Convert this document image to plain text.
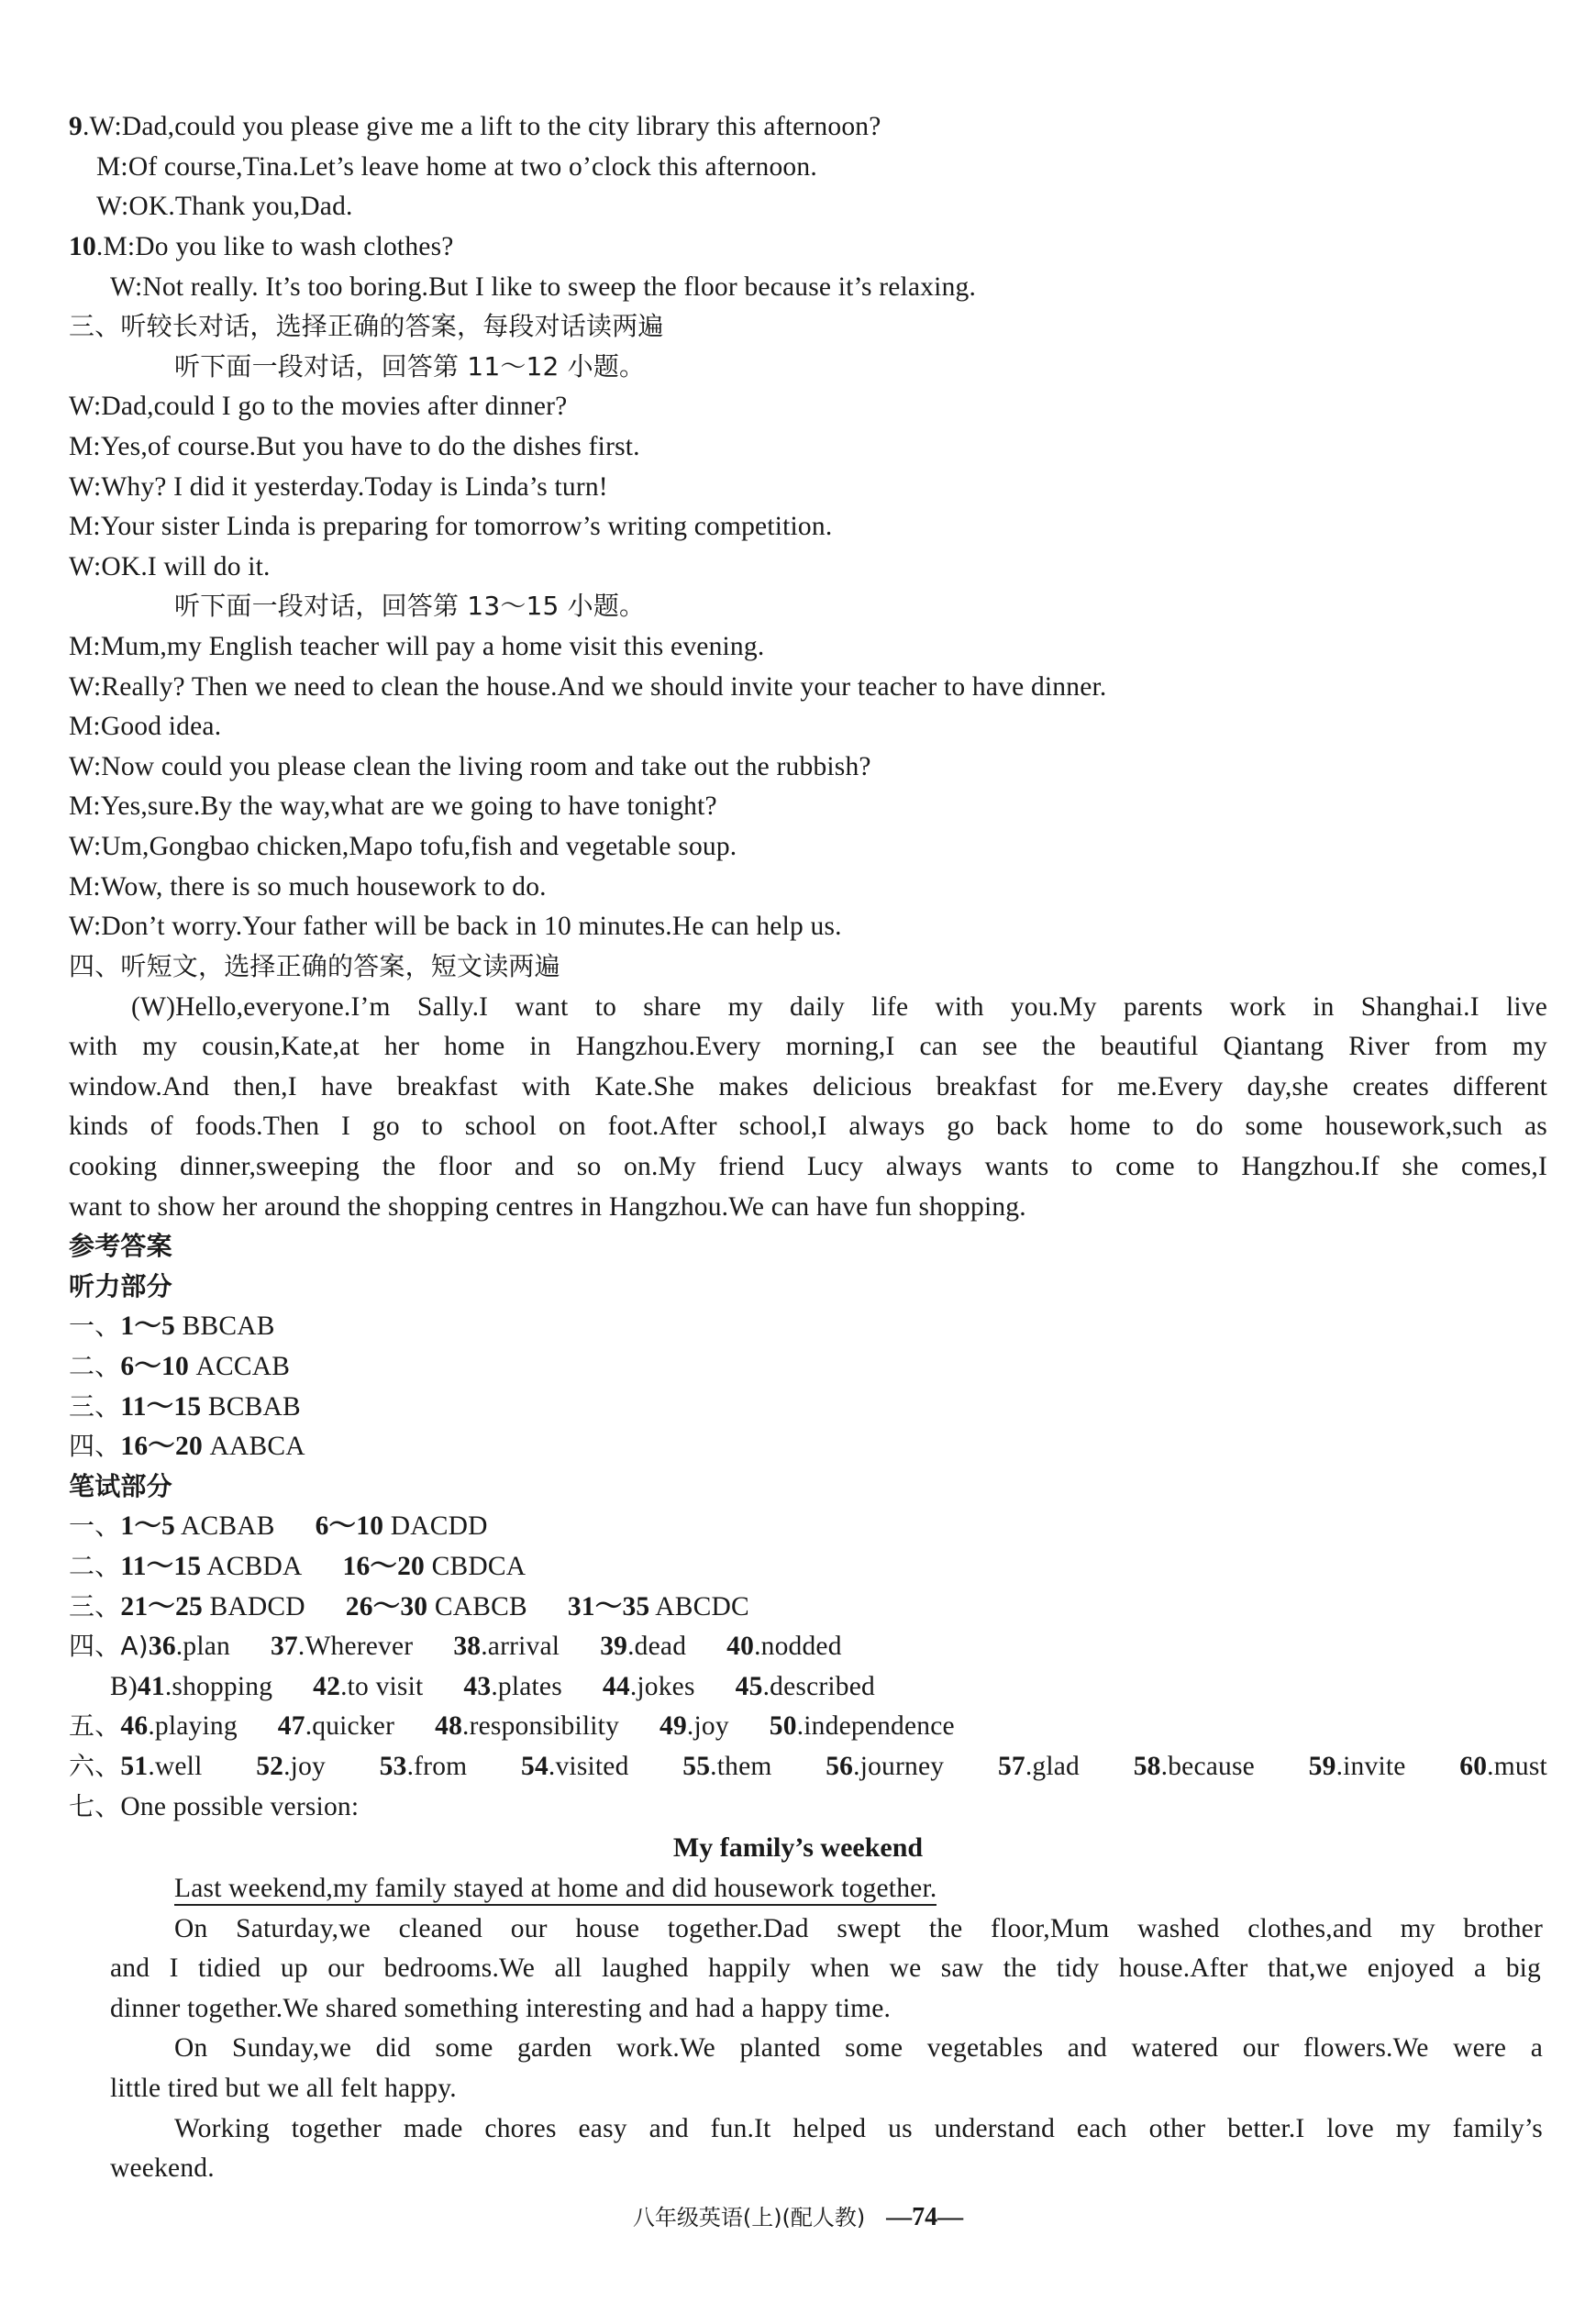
9.W:Dad,could you please give me a lift to the city library this afternoon?
M:Of course,Tina.Let’s leave home at two o’clock this afternoon.
W:OK.Thank you,Dad.
10.M:Do you like to wash clothes?
W:Not really. It’s too boring.But I like to sweep the floor because it’s relaxing.
三、听较长对话，选择正确的答案，每段对话读两遍
听下面一段对话，回答第 11～12 小题。
W:Dad,could I go to the movies after dinner?
M:Yes,of course.But you have to do the dishes first.
W:Why? I did it yesterday.Today is Linda’s turn!
M:Your sister Linda is preparing for tomorrow’s writing competition.
W:OK.I will do it.
听下面一段对话，回答第 13～15 小题。
M:Mum,my English teacher will pay a home visit this evening.
W:Really? Then we need to clean the house.And we should invite your teacher to have dinner.
M:Good idea.
W:Now could you please clean the living room and take out the rubbish?
M:Yes,sure.By the way,what are we going to have tonight?
W:Um,Gongbao chicken,Mapo tofu,fish and vegetable soup.
M:Wow, there is so much housework to do.
W:Don’t worry.Your father will be back in 10 minutes.He can help us.
四、听短文，选择正确的答案，短文读两遍
(W)Hello,everyone.I’m Sally.I want to share my daily life with you.My parents work in Shanghai.I live
with my cousin,Kate,at her home in Hangzhou.Every morning,I can see the beautiful Qiantang River from my
window.And then,I have breakfast with Kate.She makes delicious breakfast for me.Every day,she creates different
kinds of foods.Then I go to school on foot.After school,I always go back home to do some housework,such as
cooking dinner,sweeping the floor and so on.My friend Lucy always wants to come to Hangzhou.If she comes,I
want to show her around the shopping centres in Hangzhou.We can have fun shopping.
参考答案
听力部分
一、1～5 BBCAB
二、6～10 ACCAB
三、11～15 BCBAB
四、16～20 AABCA
笔试部分
一、1～5 ACBAB 6～10 DACDD
二、11～15 ACBDA 16～20 CBDCA
三、21～25 BADCD 26～30 CABCB 31～35 ABCDC
四、A)36.plan 37.Wherever 38.arrival 39.dead 40.nodded
B)41.shopping 42.to visit 43.plates 44.jokes 45.described
五、46.playing 47.quicker 48.responsibility 49.joy 50.independence
六、51.well 52.joy 53.from 54.visited 55.them 56.journey 57.glad 58.because 59.invite 60.must
七、One possible version:
My family’s weekend
Last weekend,my family stayed at home and did housework together.
On Saturday,we cleaned our house together.Dad swept the floor,Mum washed clothes,and my brother
and I tidied up our bedrooms.We all laughed happily when we saw the tidy house.After that,we enjoyed a big
dinner together.We shared something interesting and had a happy time.
On Sunday,we did some garden work.We planted some vegetables and watered our flowers.We were a
little tired but we all felt happy.
Working together made chores easy and fun.It helped us understand each other better.I love my family’s
weekend.
八年级英语(上)(配人教) —74—
